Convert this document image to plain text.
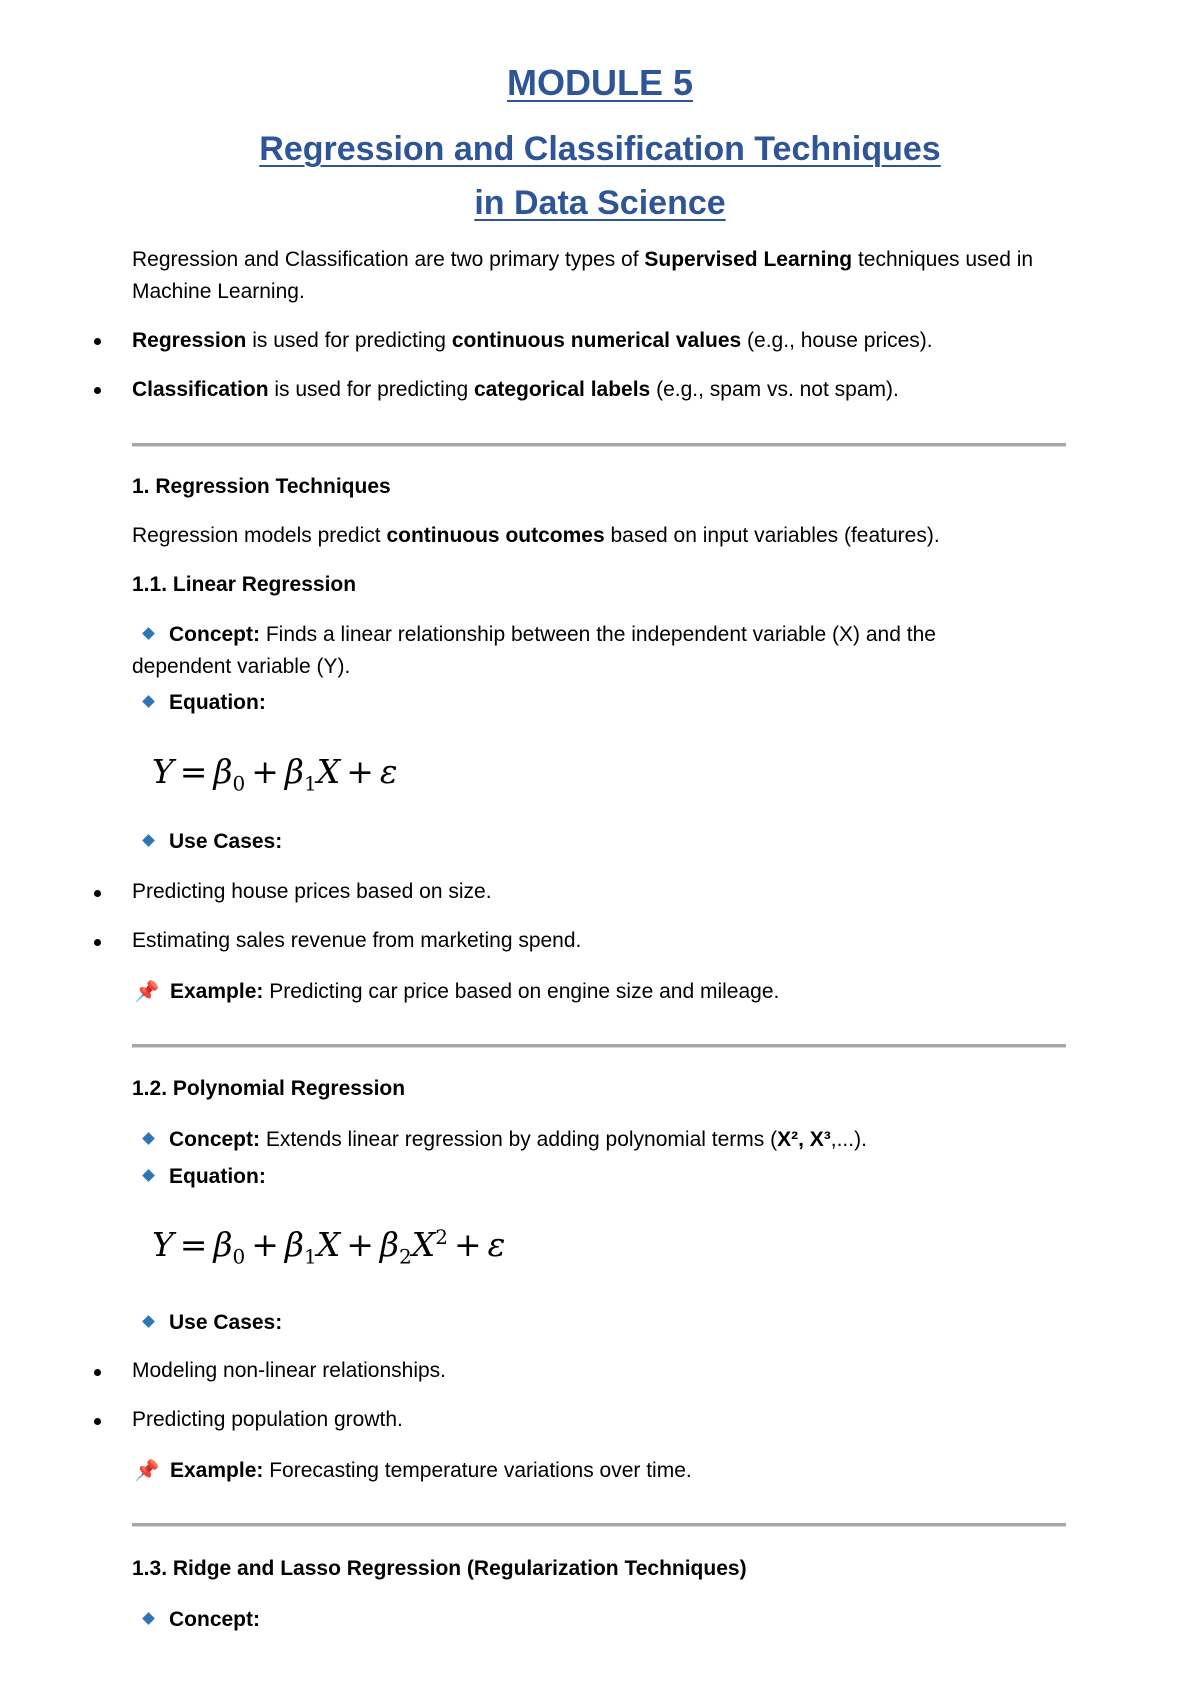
MODULE 5
Regression and Classification Techniques in Data Science
Regression and Classification are two primary types of Supervised Learning techniques used in Machine Learning.
Regression is used for predicting continuous numerical values (e.g., house prices).
Classification is used for predicting categorical labels (e.g., spam vs. not spam).
1. Regression Techniques
Regression models predict continuous outcomes based on input variables (features).
1.1. Linear Regression
Concept: Finds a linear relationship between the independent variable (X) and the
dependent variable (Y).
Equation:
$Y = \beta_0 + \beta_1X + \varepsilon$
Use Cases:
Predicting house prices based on size.
Estimating sales revenue from marketing spend.
📌 Example: Predicting car price based on engine size and mileage.
1.2. Polynomial Regression
Concept: Extends linear regression by adding polynomial terms (X², X³,...).
Equation:
$Y = \beta_0 + \beta_1X + \beta_2X^2 + \varepsilon$
Use Cases:
Modeling non-linear relationships.
Predicting population growth.
📌 Example: Forecasting temperature variations over time.
1.3. Ridge and Lasso Regression (Regularization Techniques)
Concept:
